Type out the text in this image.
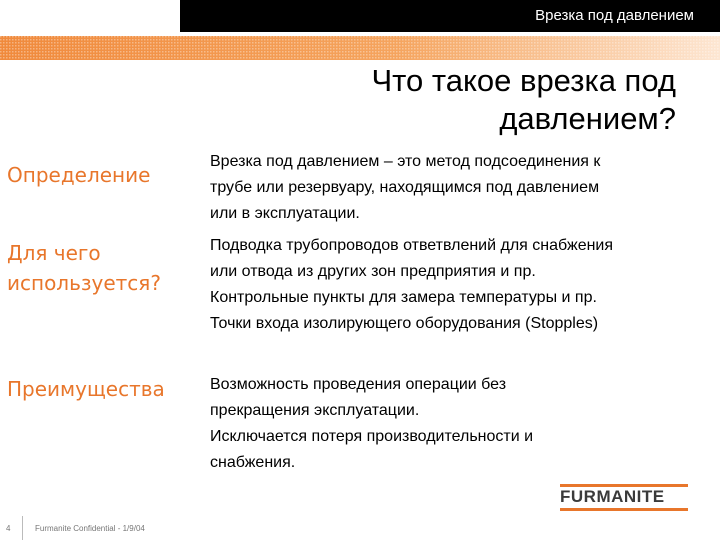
Врезка под давлением
Что такое врезка под
давлением?
Определение
Врезка под давлением – это метод подсоединения к
трубе или резервуару, находящимся под давлением
или в эксплуатации.
Для чего
используется?
Подводка трубопроводов ответвлений для снабжения
или отвода из других зон предприятия и пр.
Контрольные пункты для замера температуры и пр.
Точки входа изолирующего оборудования (Stopples)
Преимущества	Возможность проведения операции без
прекращения эксплуатации.
Исключается потеря производительности и
снабжения.
FURMANITE
4	Furmanite Confidential - 1/9/04
